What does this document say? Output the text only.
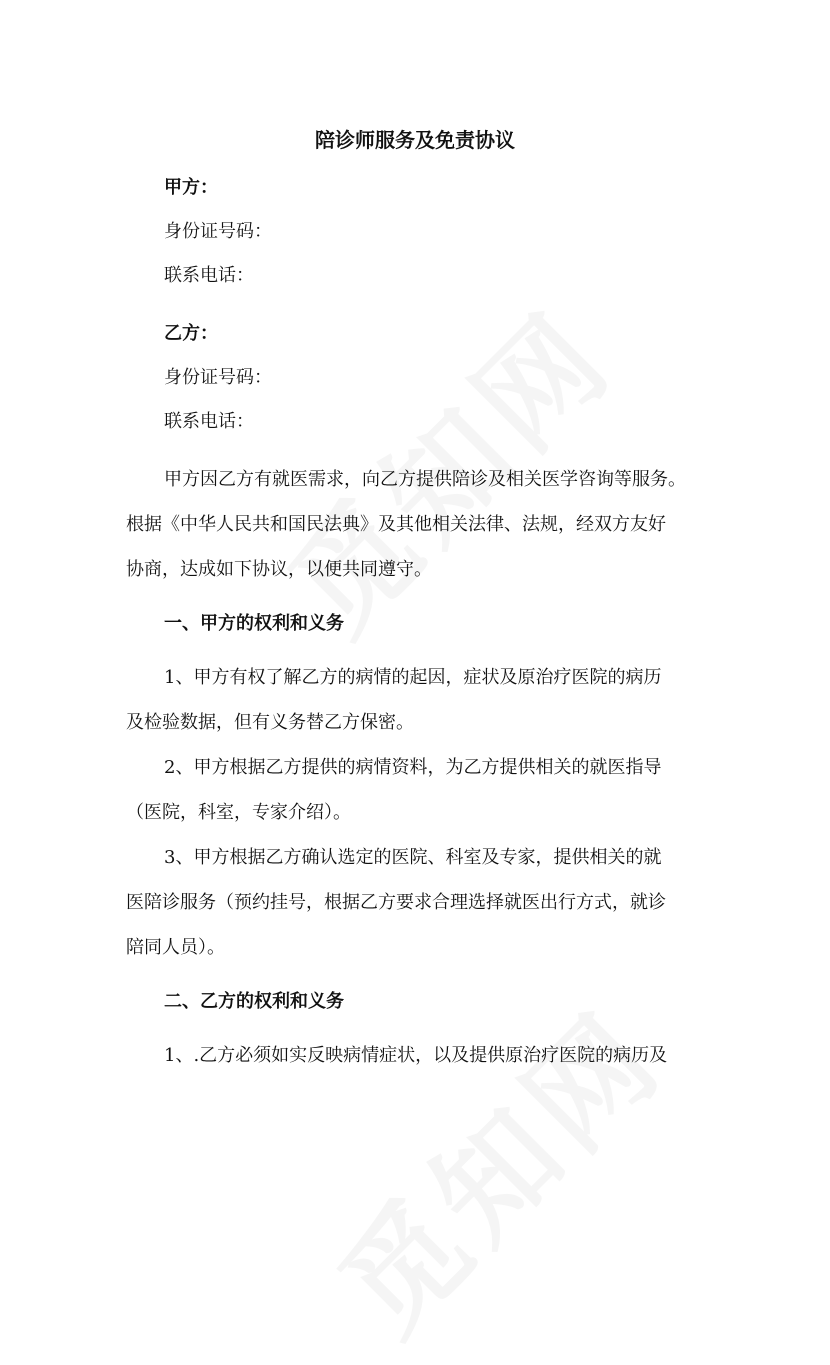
陪诊师服务及免责协议
甲方：
身份证号码：
联系电话：
乙方：
身份证号码：
联系电话：
甲方因乙方有就医需求，向乙方提供陪诊及相关医学咨询等服务。
根据《中华人民共和国民法典》及其他相关法律、法规，经双方友好
协商，达成如下协议，以便共同遵守。
一、甲方的权利和义务
1、甲方有权了解乙方的病情的起因，症状及原治疗医院的病历
及检验数据，但有义务替乙方保密。
2、甲方根据乙方提供的病情资料，为乙方提供相关的就医指导
（医院，科室，专家介绍）。
3、甲方根据乙方确认选定的医院、科室及专家，提供相关的就
医陪诊服务（预约挂号，根据乙方要求合理选择就医出行方式，就诊
陪同人员）。
二、乙方的权利和义务
1、.乙方必须如实反映病情症状，以及提供原治疗医院的病历及
